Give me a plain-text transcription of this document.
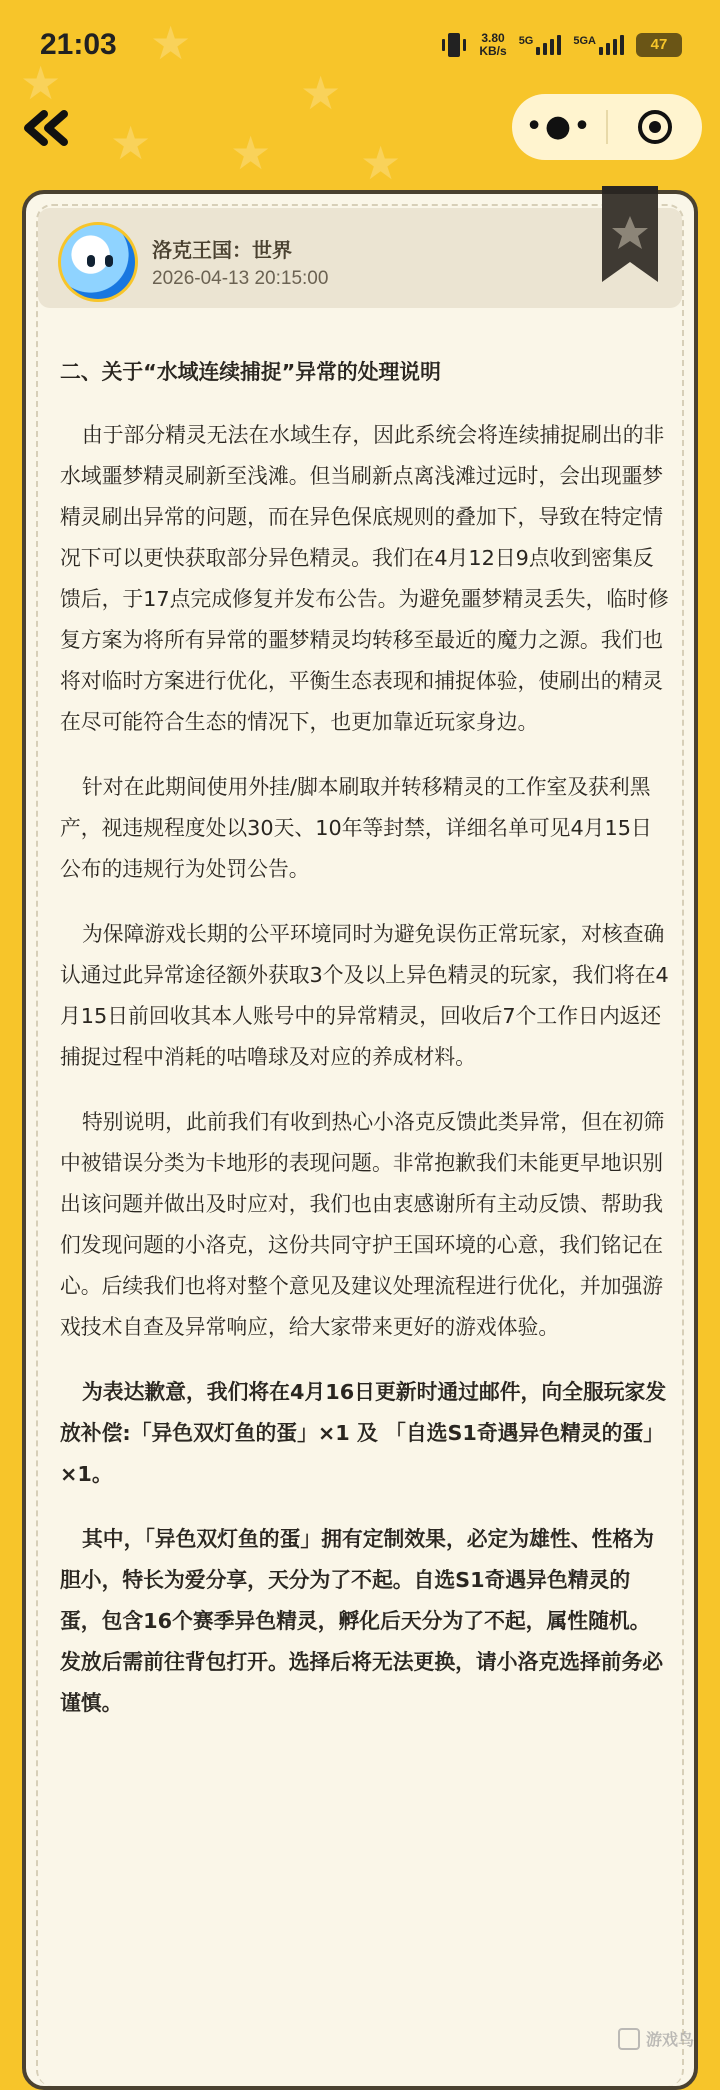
★
★
★
★ ★ ★
21:03	3.80
KB/s
5G	5GA	47
•●•
洛克王国：世界
2026-04-13 20:15:00
二、关于“水域连续捕捉”异常的处理说明

由于部分精灵无法在水域生存，因此系统会将连续捕捉刷出的非水域噩梦精灵刷新至浅滩。但当刷新点离浅滩过远时，会出现噩梦精灵刷出异常的问题，而在异色保底规则的叠加下，导致在特定情况下可以更快获取部分异色精灵。我们在4月12日9点收到密集反馈后，于17点完成修复并发布公告。为避免噩梦精灵丢失，临时修复方案为将所有异常的噩梦精灵均转移至最近的魔力之源。我们也将对临时方案进行优化，平衡生态表现和捕捉体验，使刷出的精灵在尽可能符合生态的情况下，也更加靠近玩家身边。

针对在此期间使用外挂/脚本刷取并转移精灵的工作室及获利黑产，视违规程度处以30天、10年等封禁，详细名单可见4月15日公布的违规行为处罚公告。

为保障游戏长期的公平环境同时为避免误伤正常玩家，对核查确认通过此异常途径额外获取3个及以上异色精灵的玩家，我们将在4月15日前回收其本人账号中的异常精灵，回收后7个工作日内返还捕捉过程中消耗的咕噜球及对应的养成材料。

特别说明，此前我们有收到热心小洛克反馈此类异常，但在初筛中被错误分类为卡地形的表现问题。非常抱歉我们未能更早地识别出该问题并做出及时应对，我们也由衷感谢所有主动反馈、帮助我们发现问题的小洛克，这份共同守护王国环境的心意，我们铭记在心。后续我们也将对整个意见及建议处理流程进行优化，并加强游戏技术自查及异常响应，给大家带来更好的游戏体验。

为表达歉意，我们将在4月16日更新时通过邮件，向全服玩家发放补偿:「异色双灯鱼的蛋」×1 及 「自选S1奇遇异色精灵的蛋」×1。

其中，「异色双灯鱼的蛋」拥有定制效果，必定为雄性、性格为胆小，特长为爱分享，天分为了不起。自选S1奇遇异色精灵的蛋，包含16个赛季异色精灵，孵化后天分为了不起，属性随机。发放后需前往背包打开。选择后将无法更换，请小洛克选择前务必谨慎。

游戏鸟
